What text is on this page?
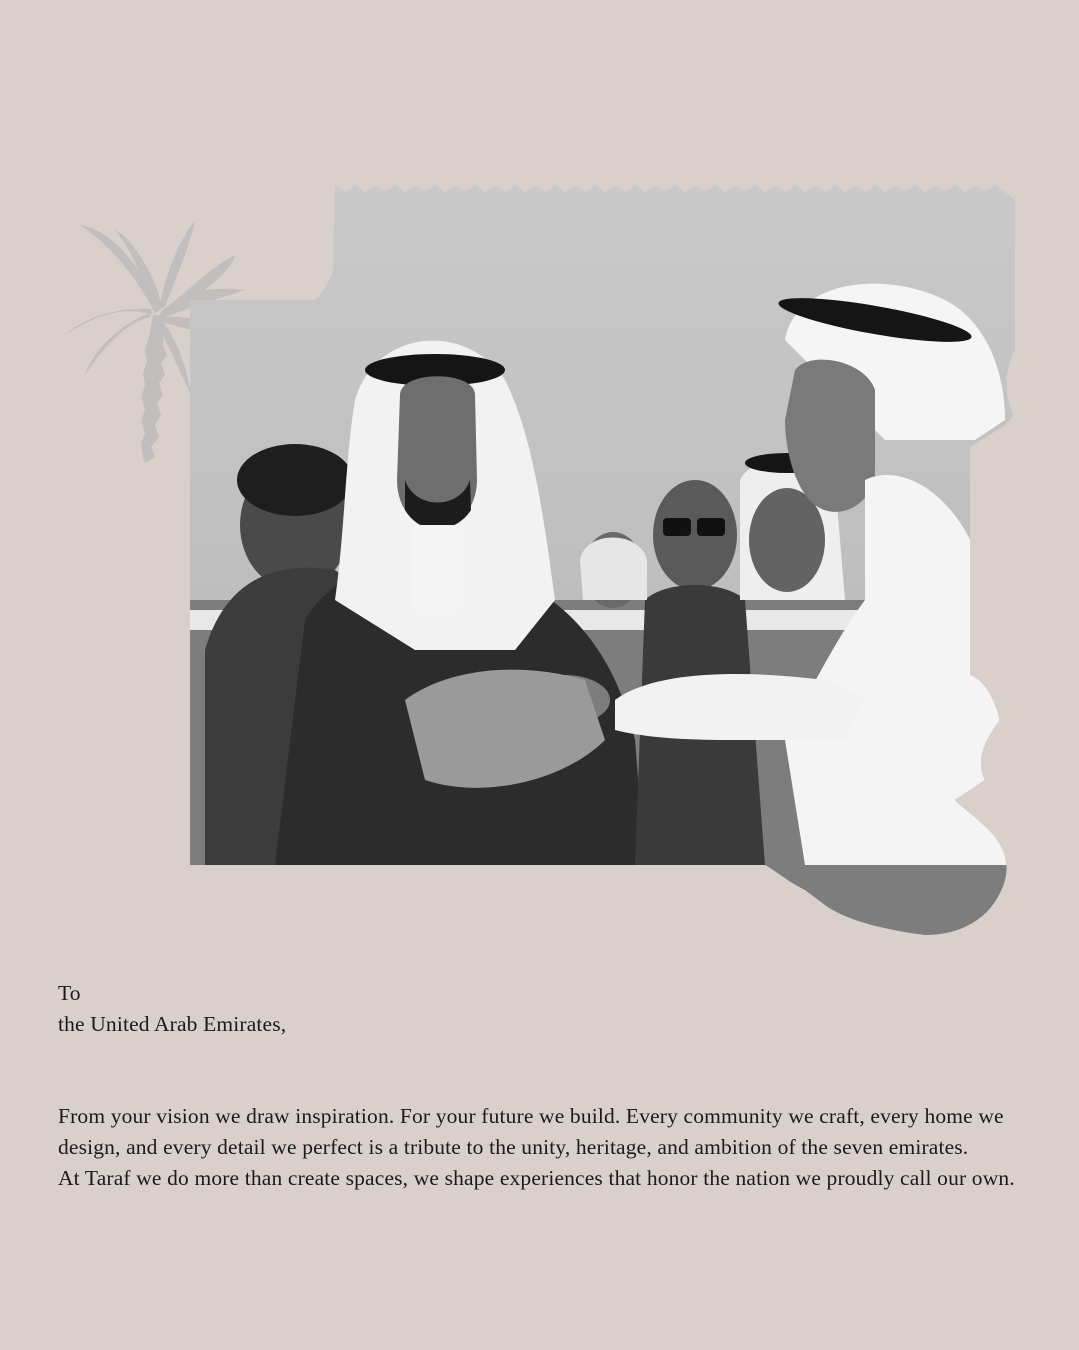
To

the United Arab Emirates,

From your vision we draw inspiration. For your future we build. Every community we craft, every home we design, and every detail we perfect is a tribute to the unity, heritage, and ambition of the seven emirates.

At Taraf we do more than create spaces, we shape experiences that honor the nation we proudly call our own.
